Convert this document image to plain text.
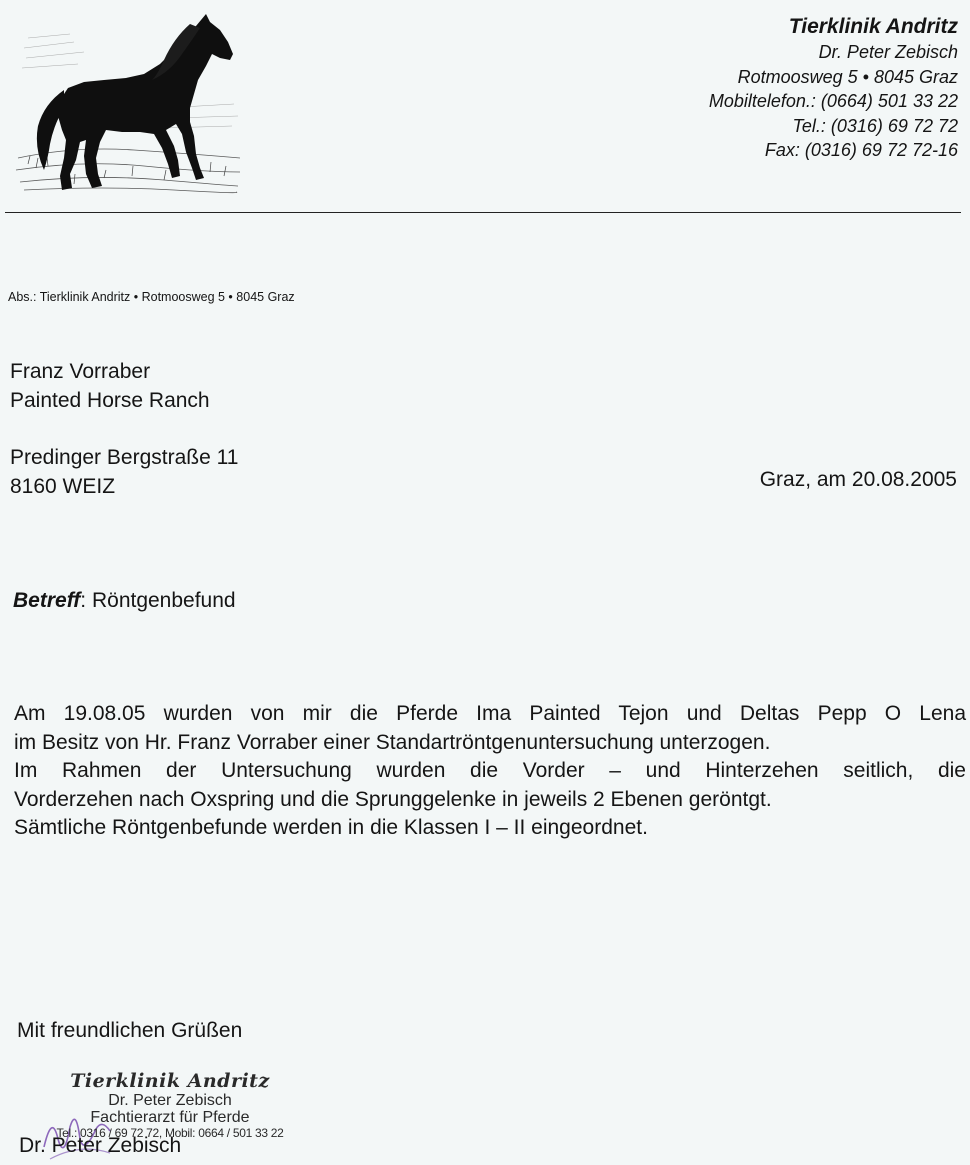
Tierklinik Andritz
Dr. Peter Zebisch
Rotmoosweg 5 • 8045 Graz
Mobiltelefon.: (0664) 501 33 22
Tel.: (0316) 69 72 72
Fax: (0316) 69 72 72-16
Abs.: Tierklinik Andritz • Rotmoosweg 5 • 8045 Graz
Franz Vorraber
Painted Horse Ranch
Predinger Bergstraße 11
8160 WEIZ	Graz, am 20.08.2005
Betreff: Röntgenbefund

Am 19.08.05 wurden von mir die Pferde Ima Painted Tejon und Deltas Pepp O Lena

im Besitz von Hr. Franz Vorraber einer Standartröntgenuntersuchung unterzogen.

Im Rahmen der Untersuchung wurden die Vorder – und Hinterzehen seitlich, die

Vorderzehen nach Oxspring und die Sprunggelenke in jeweils 2 Ebenen geröntgt.

Sämtliche Röntgenbefunde werden in die Klassen I – II eingeordnet.

Mit freundlichen Grüßen
Tierklinik Andritz
Dr. Peter Zebisch
Fachtierarzt für Pferde
Tel.: 0316 / 69 72 72, Mobil: 0664 / 501 33 22
Dr. Peter Zebisch
